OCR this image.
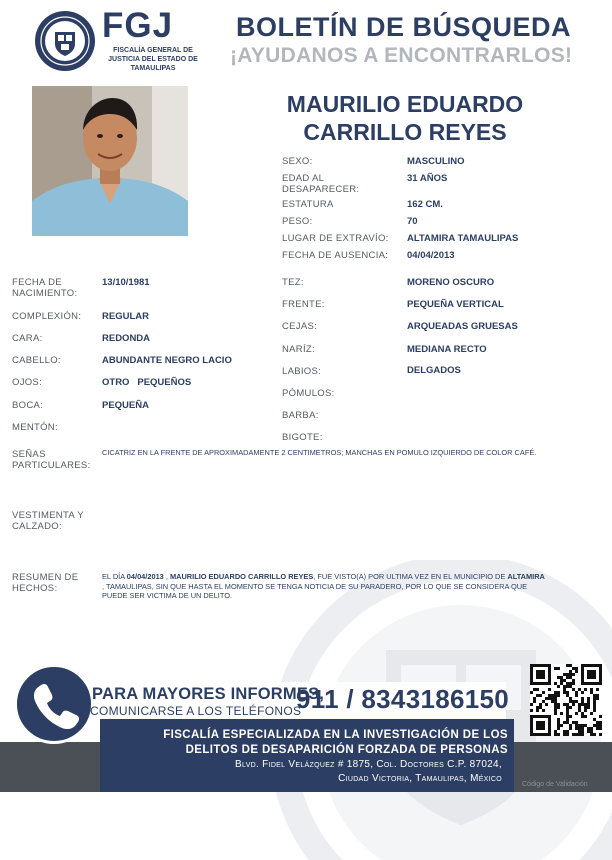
FGJ
FISCALÍA GENERAL DE JUSTICIA DEL ESTADO DE TAMAULIPAS
BOLETÍN DE BÚSQUEDA
¡AYUDANOS A ENCONTRARLOS!
MAURILIO EDUARDO
CARRILLO REYES
SEXO:	MASCULINO
EDAD AL DESAPARECER:
31 AÑOS
ESTATURA	162 CM.
PESO:	70
LUGAR DE EXTRAVÍO: ALTAMIRA TAMAULIPAS
FECHA DE AUSENCIA: 04/04/2013
FECHA DE NACIMIENTO:
13/10/1981
COMPLEXIÓN: REGULAR
CARA:	REDONDA
CABELLO:	ABUNDANTE NEGRO LACIO
OJOS:	OTRO   PEQUEÑOS
BOCA:	PEQUEÑA
MENTÓN:
TEZ:	MORENO OSCURO
FRENTE:	PEQUEÑA VERTICAL
CEJAS:	ARQUEADAS GRUESAS
NARÍZ:	MEDIANA RECTO
LABIOS:	DELGADOS
PÓMULOS:
BARBA:
BIGOTE:
SEÑAS PARTICULARES:
CICATRIZ EN LA FRENTE DE APROXIMADAMENTE 2 CENTIMETROS; MANCHAS EN POMULO IZQUIERDO DE COLOR CAFÉ.
VESTIMENTA Y CALZADO:
RESUMEN DE HECHOS:
EL DÍA 04/04/2013 , MAURILIO EDUARDO CARRILLO REYES, FUE VISTO(A) POR ULTIMA VEZ EN EL MUNICIPIO DE ALTAMIRA , TAMAULIPAS, SIN QUE HASTA EL MOMENTO SE TENGA NOTICIA DE SU PARADERO, POR LO QUE SE CONSIDERA QUE PUEDE SER VICTIMA DE UN DELITO.
PARA MAYORES INFORMES,
COMUNICARSE A LOS TELÉFONOS
911 / 8343186150
FISCALÍA ESPECIALIZADA EN LA INVESTIGACIÓN DE LOS
DELITOS DE DESAPARICIÓN FORZADA DE PERSONAS
Blvd. Fidel Velázquez # 1875, Col. Doctores C.P. 87024,
Ciudad Victoria, Tamaulipas, México
Código de Validación
